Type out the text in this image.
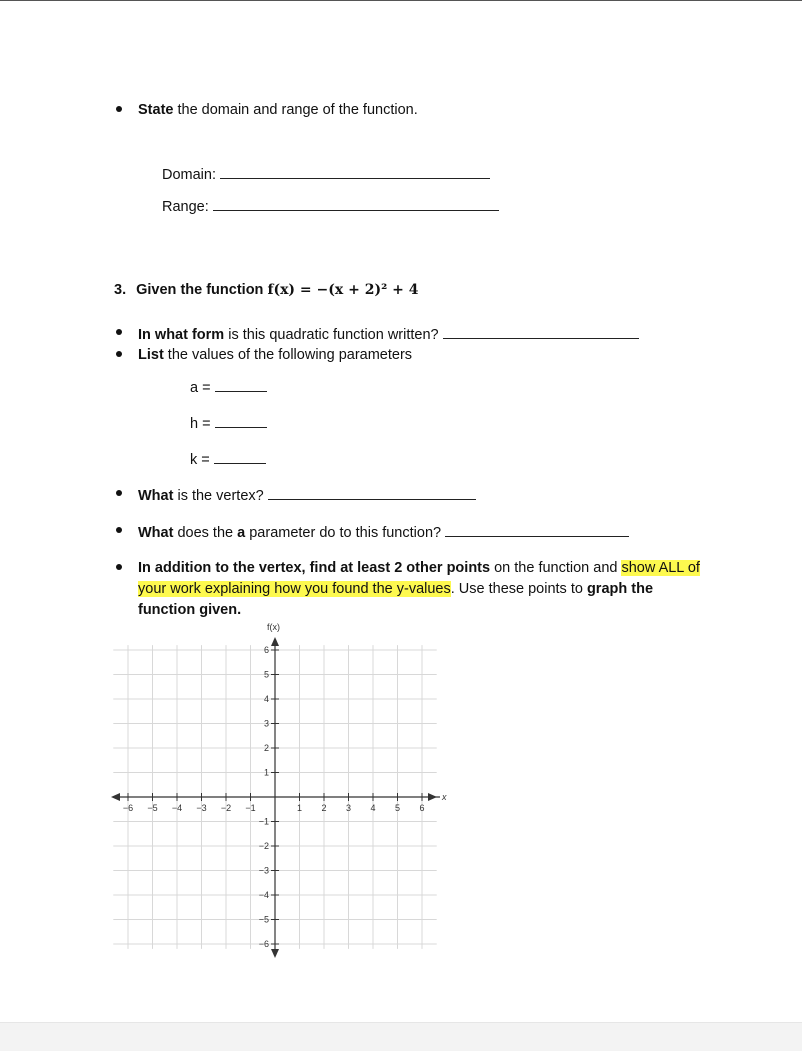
State the domain and range of the function.
Domain:
Range:
3. Given the function f(x) = −(x + 2)² + 4
In what form is this quadratic function written?
List the values of the following parameters
a =
h =
k =
What is the vertex?
What does the a parameter do to this function?
In addition to the vertex, find at least 2 other points on the function and show ALL of
your work explaining how you found the y-values. Use these points to graph the
function given.
−6 −5 −4 −3 −2 −1	1 2 3 4 5 6
6
5
4
3
2
1
−1
−2
−3
−4
−5
−6
f(x)
x
